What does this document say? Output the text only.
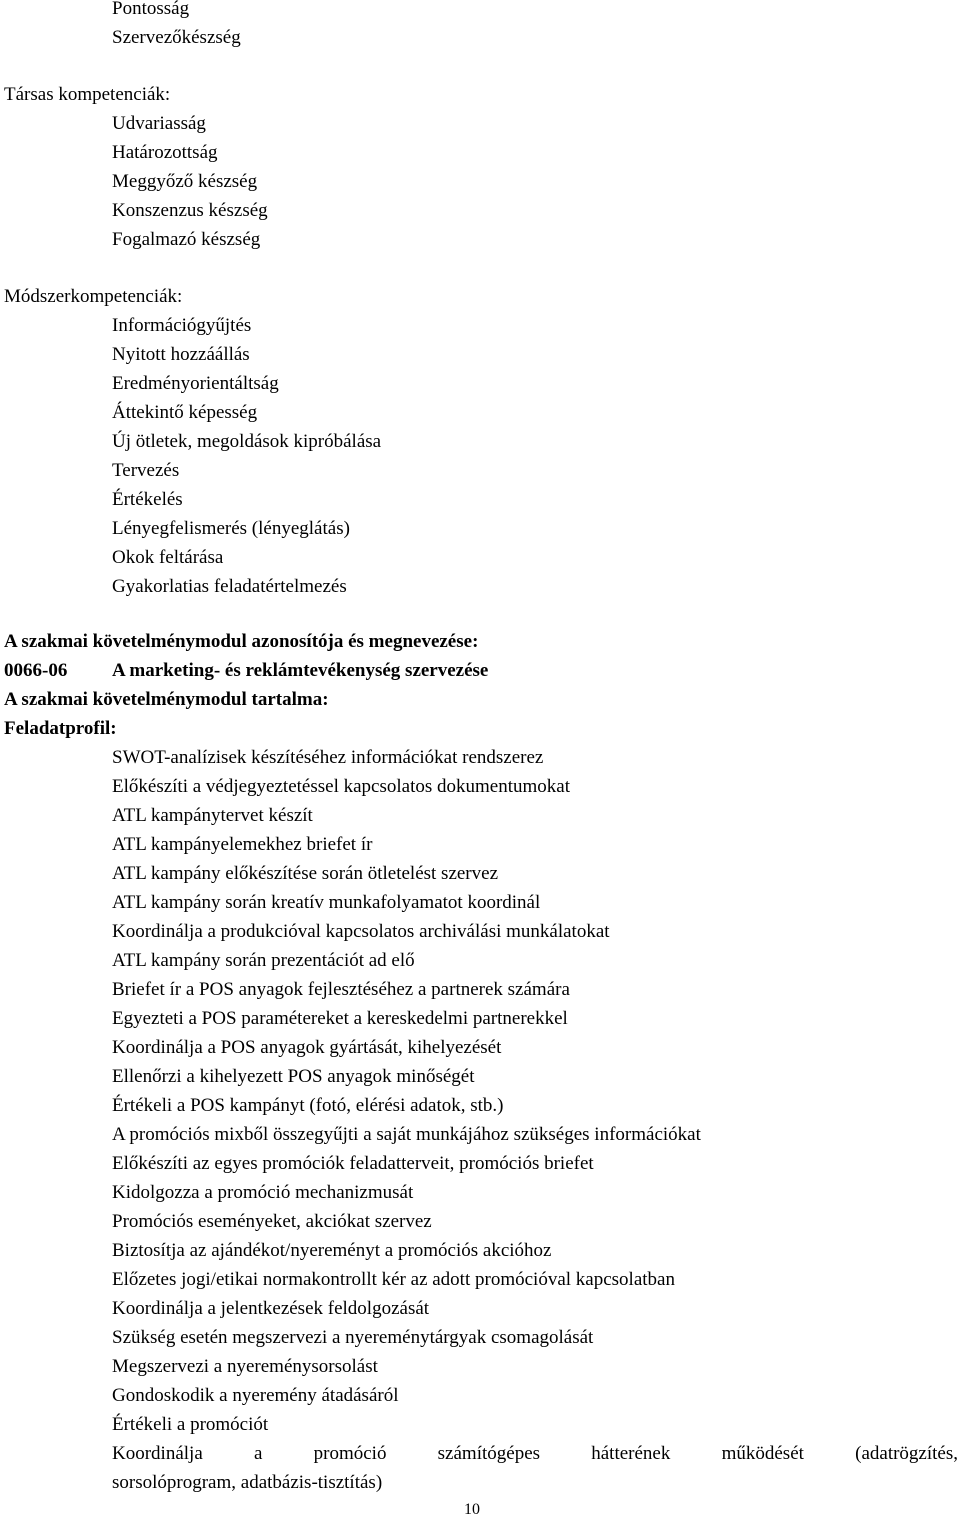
Pontosság
Szervezőkészség
Társas kompetenciák:
Udvariasság
Határozottság
Meggyőző készség
Konszenzus készség
Fogalmazó készség
Módszerkompetenciák:
Információgyűjtés
Nyitott hozzáállás
Eredményorientáltság
Áttekintő képesség
Új ötletek, megoldások kipróbálása
Tervezés
Értékelés
Lényegfelismerés (lényeglátás)
Okok feltárása
Gyakorlatias feladatértelmezés
A szakmai követelménymodul azonosítója és megnevezése:
0066-06 A marketing- és reklámtevékenység szervezése
A szakmai követelménymodul tartalma:
Feladatprofil:
SWOT-analízisek készítéséhez információkat rendszerez
Előkészíti a védjegyeztetéssel kapcsolatos dokumentumokat
ATL kampánytervet készít
ATL kampányelemekhez briefet ír
ATL kampány előkészítése során ötletelést szervez
ATL kampány során kreatív munkafolyamatot koordinál
Koordinálja a produkcióval kapcsolatos archiválási munkálatokat
ATL kampány során prezentációt ad elő
Briefet ír a POS anyagok fejlesztéséhez a partnerek számára
Egyezteti a POS paramétereket a kereskedelmi partnerekkel
Koordinálja a POS anyagok gyártását, kihelyezését
Ellenőrzi a kihelyezett POS anyagok minőségét
Értékeli a POS kampányt (fotó, elérési adatok, stb.)
A promóciós mixből összegyűjti a saját munkájához szükséges információkat
Előkészíti az egyes promóciók feladatterveit, promóciós briefet
Kidolgozza a promóció mechanizmusát
Promóciós eseményeket, akciókat szervez
Biztosítja az ajándékot/nyereményt a promóciós akcióhoz
Előzetes jogi/etikai normakontrollt kér az adott promócióval kapcsolatban
Koordinálja a jelentkezések feldolgozását
Szükség esetén megszervezi a nyereménytárgyak csomagolását
Megszervezi a nyereménysorsolást
Gondoskodik a nyeremény átadásáról
Értékeli a promóciót
Koordinálja a promóció számítógépes hátterének működését (adatrögzítés,
sorsolóprogram, adatbázis-tisztítás)
10
